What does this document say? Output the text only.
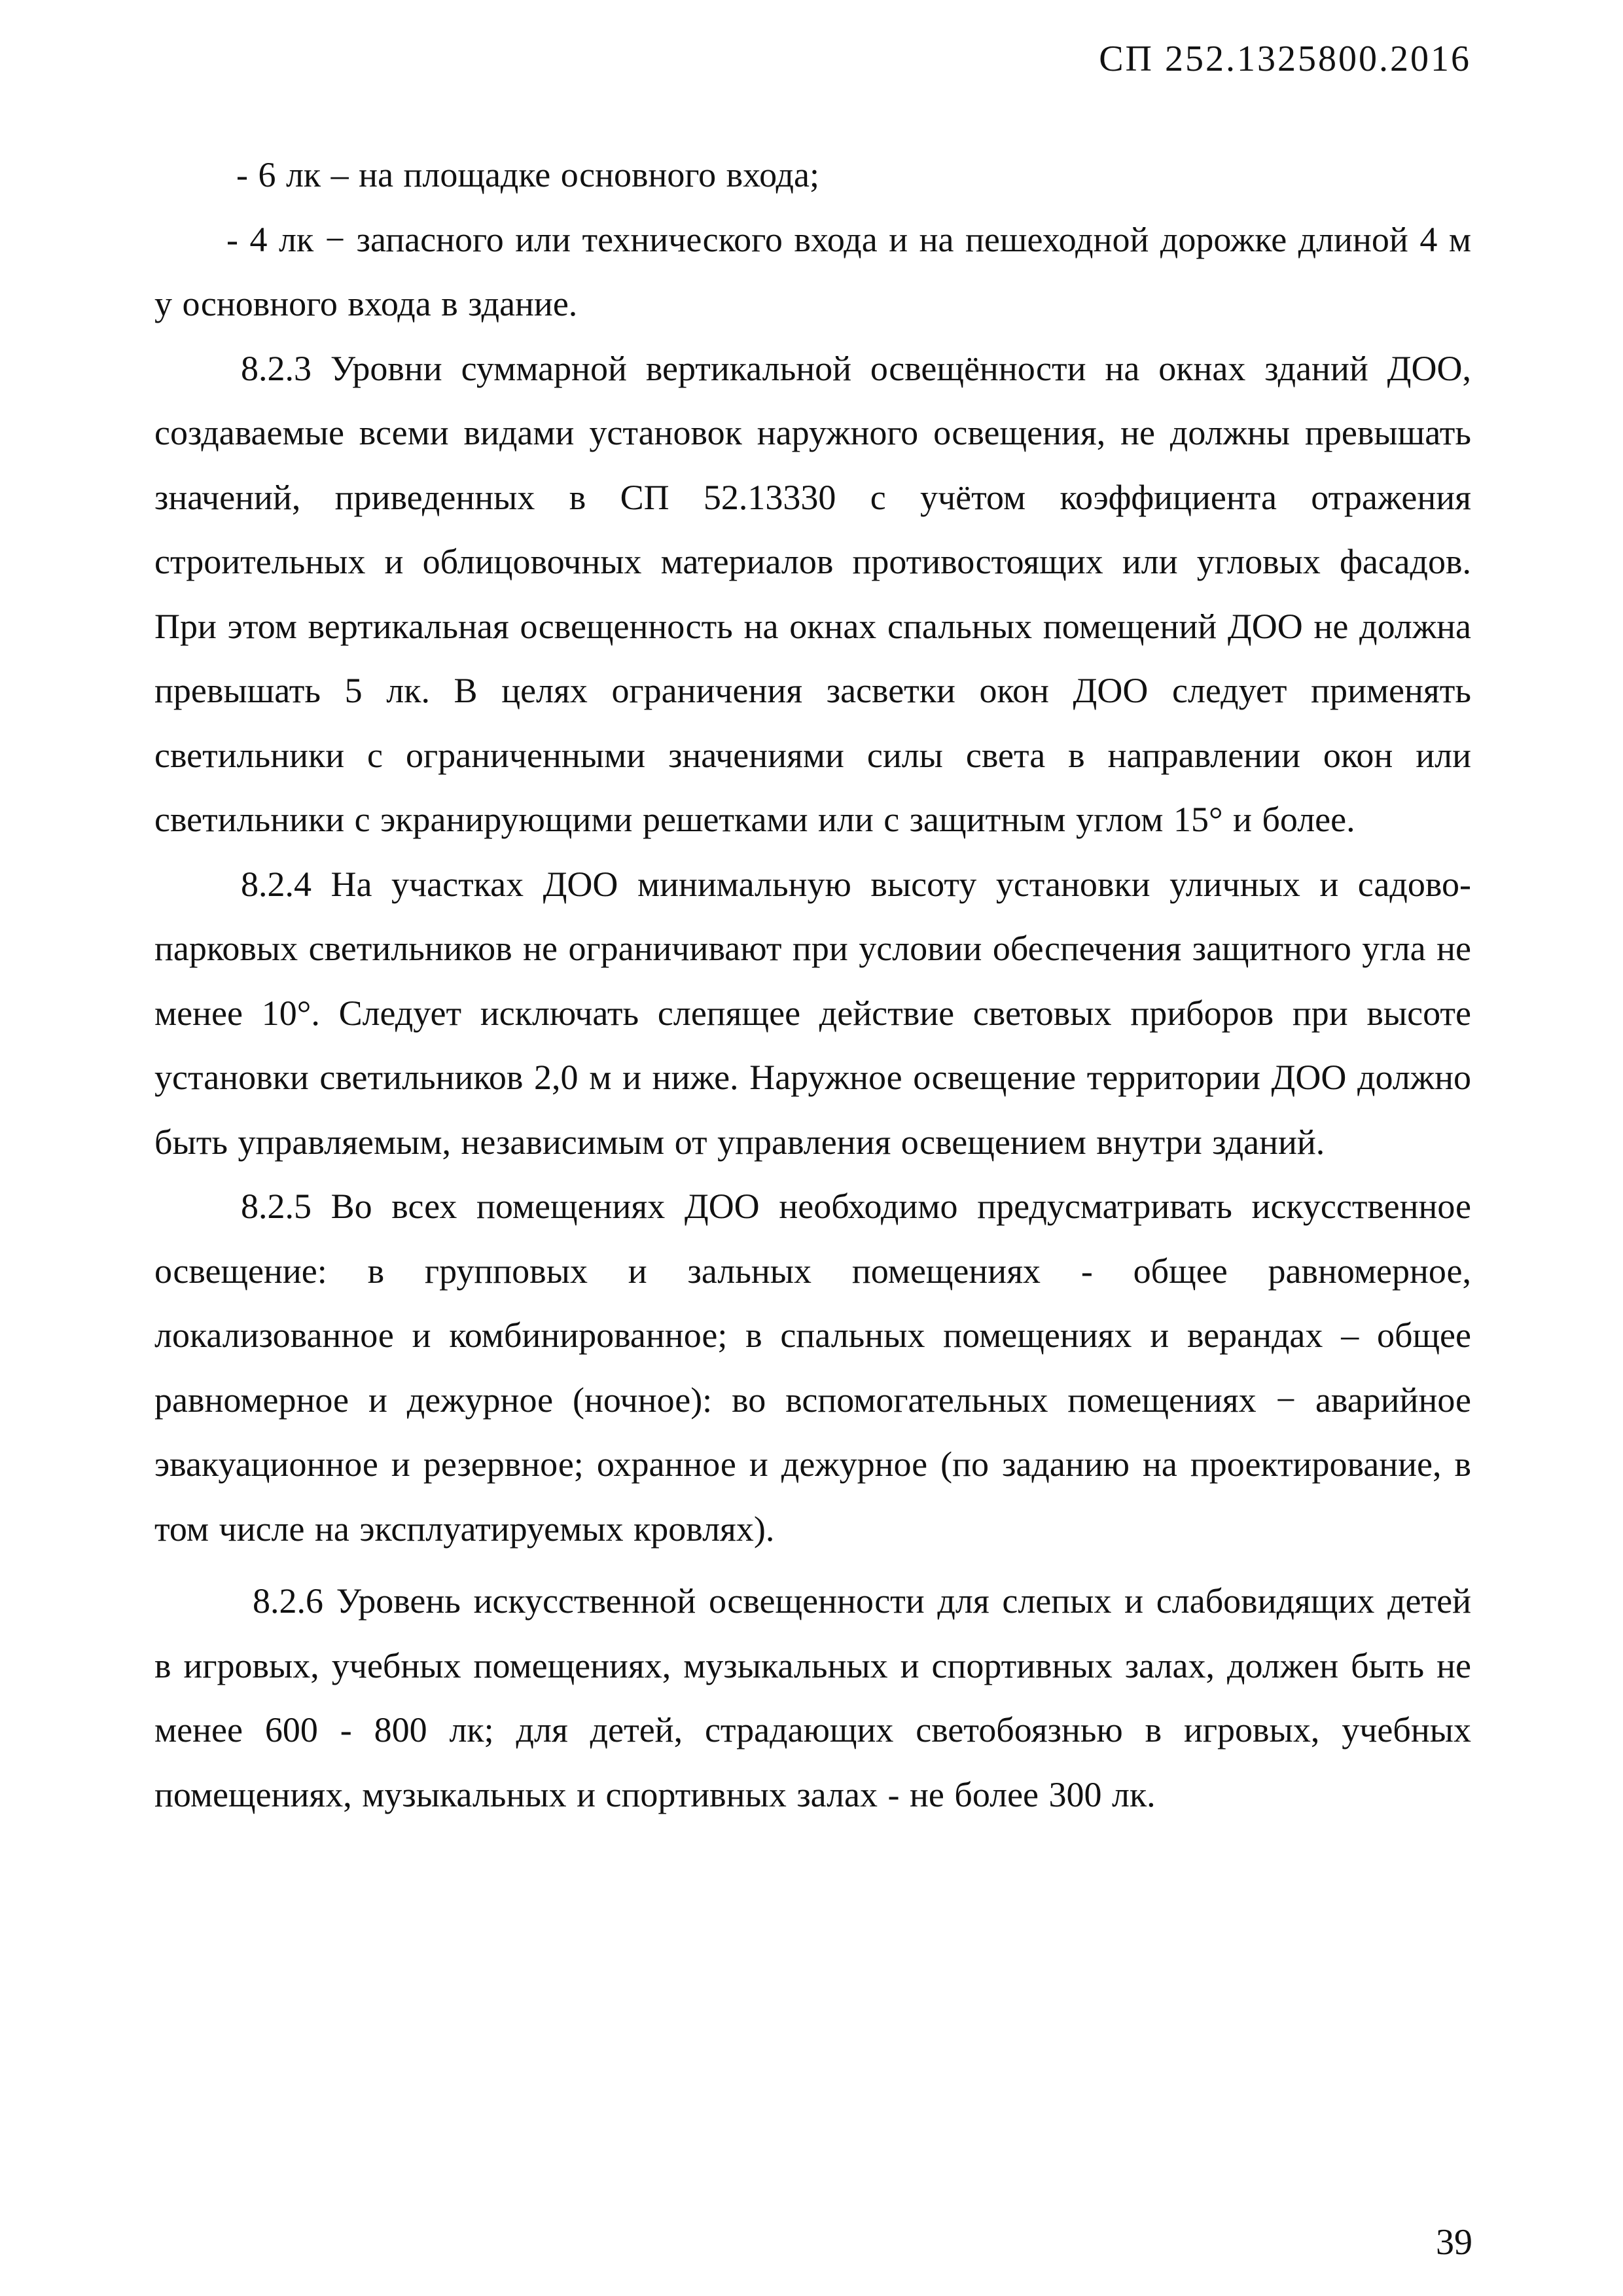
СП 252.1325800.2016

- 6 лк – на площадке основного входа;

- 4 лк − запасного или технического входа и на пешеходной дорожке длиной 4 м у основного входа в здание.

8.2.3 Уровни суммарной вертикальной освещённости на окнах зданий ДОО, создаваемые всеми видами установок наружного освещения, не должны превышать значений, приведенных в СП 52.13330 с учётом коэффициента отражения строительных и облицовочных материалов противостоящих или угловых фасадов. При этом вертикальная освещенность на окнах спальных помещений ДОО не должна превышать 5 лк. В целях ограничения засветки окон ДОО следует применять светильники с ограниченными значениями силы света в направлении окон или светильники с экранирующими решетками или с защитным углом 15° и более.

8.2.4 На участках ДОО минимальную высоту установки уличных и садово-парковых светильников не ограничивают при условии обеспечения защитного угла не менее 10°. Следует исключать слепящее действие световых приборов при высоте установки светильников 2,0 м и ниже. Наружное освещение территории ДОО должно быть управляемым, независимым от управления освещением внутри зданий.

8.2.5 Во всех помещениях ДОО необходимо предусматривать искусственное освещение: в групповых и зальных помещениях - общее равномерное, локализованное и комбинированное; в спальных помещениях и верандах – общее равномерное и дежурное (ночное): во вспомогательных помещениях − аварийное эвакуационное и резервное; охранное и дежурное (по заданию на проектирование, в том числе на эксплуатируемых кровлях).

8.2.6 Уровень искусственной освещенности для слепых и слабовидящих детей в игровых, учебных помещениях, музыкальных и спортивных залах, должен быть не менее 600 - 800 лк; для детей, страдающих светобоязнью в игровых, учебных помещениях, музыкальных и спортивных залах - не более 300 лк.

39
